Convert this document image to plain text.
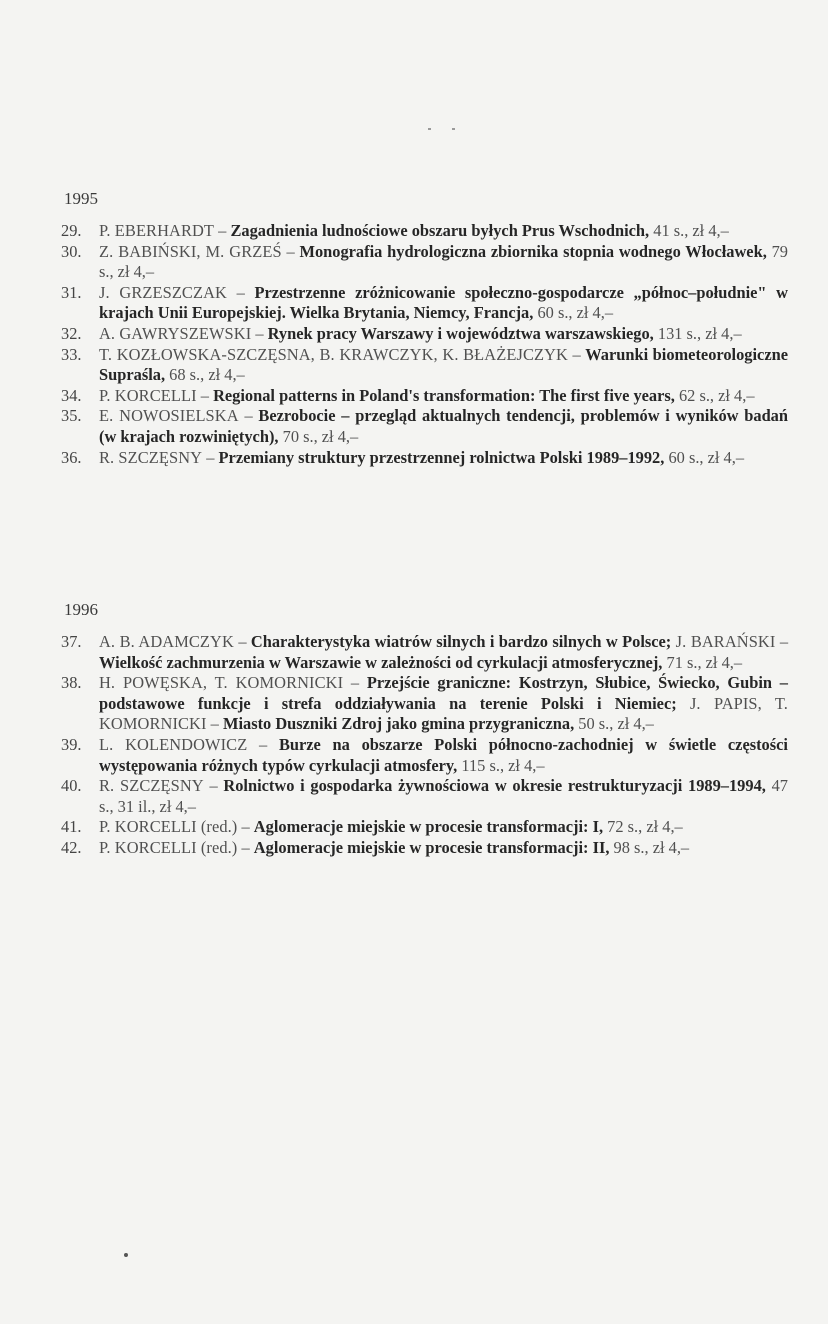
1995
29. P. EBERHARDT – Zagadnienia ludnościowe obszaru byłych Prus Wschodnich, 41 s., zł 4,–
30. Z. BABIŃSKI, M. GRZEŚ – Monografia hydrologiczna zbiornika stopnia wodnego Włocławek, 79 s., zł 4,–
31. J. GRZESZCZAK – Przestrzenne zróżnicowanie społeczno-gospodarcze „północ–południe" w krajach Unii Europejskiej. Wielka Brytania, Niemcy, Francja, 60 s., zł 4,–
32. A. GAWRYSZEWSKI – Rynek pracy Warszawy i województwa warszawskiego, 131 s., zł 4,–
33. T. KOZŁOWSKA-SZCZĘSNA, B. KRAWCZYK, K. BŁAŻEJCZYK – Warunki biometeorologiczne Supraśla, 68 s., zł 4,–
34. P. KORCELLI – Regional patterns in Poland's transformation: The first five years, 62 s., zł 4,–
35. E. NOWOSIELSKA – Bezrobocie – przegląd aktualnych tendencji, problemów i wyników badań (w krajach rozwiniętych), 70 s., zł 4,–
36. R. SZCZĘSNY – Przemiany struktury przestrzennej rolnictwa Polski 1989–1992, 60 s., zł 4,–
1996
37. A. B. ADAMCZYK – Charakterystyka wiatrów silnych i bardzo silnych w Polsce; J. BARAŃSKI – Wielkość zachmurzenia w Warszawie w zależności od cyrkulacji atmosferycznej, 71 s., zł 4,–
38. H. POWĘSKA, T. KOMORNICKI – Przejście graniczne: Kostrzyn, Słubice, Świecko, Gubin – podstawowe funkcje i strefa oddziaływania na terenie Polski i Niemiec; J. PAPIS, T. KOMORNICKI – Miasto Duszniki Zdroj jako gmina przygraniczna, 50 s., zł 4,–
39. L. KOLENDOWICZ – Burze na obszarze Polski północno-zachodniej w świetle częstości występowania różnych typów cyrkulacji atmosfery, 115 s., zł 4,–
40. R. SZCZĘSNY – Rolnictwo i gospodarka żywnościowa w okresie restrukturyzacji 1989–1994, 47 s., 31 il., zł 4,–
41. P. KORCELLI (red.) – Aglomeracje miejskie w procesie transformacji: I, 72 s., zł 4,–
42. P. KORCELLI (red.) – Aglomeracje miejskie w procesie transformacji: II, 98 s., zł 4,–
